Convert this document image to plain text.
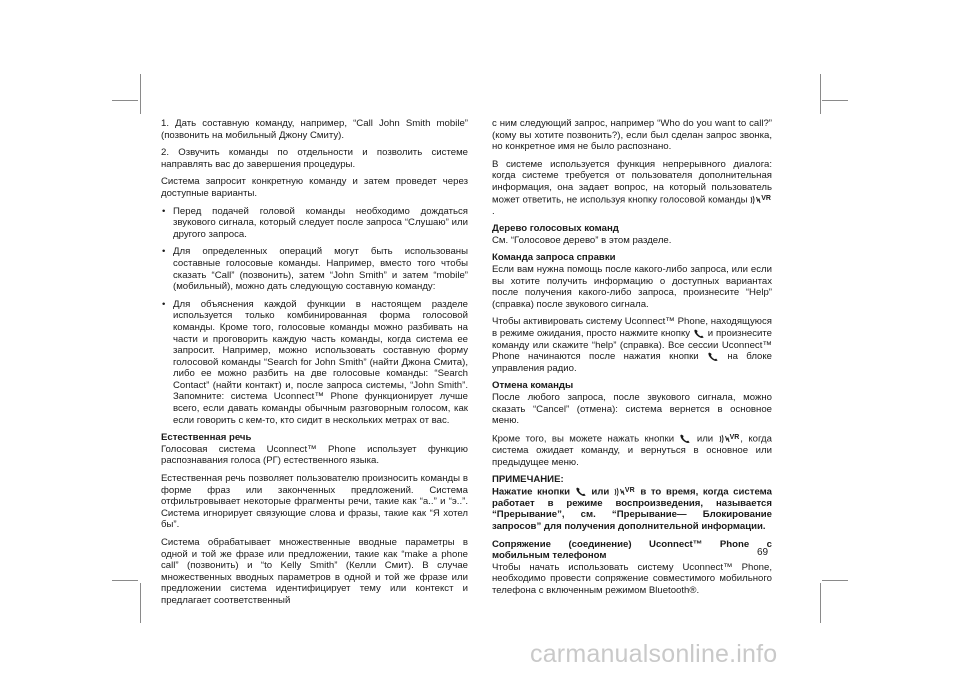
1. Дать составную команду, например, “Call John Smith mobile” (позвонить на мобильный Джону Смиту).

2. Озвучить команды по отдельности и позволить системе направлять вас до завершения процедуры.

Система запросит конкретную команду и затем проведет через доступные варианты.

• Перед подачей головой команды необходимо дождаться звукового сигнала, который следует после запроса “Слушаю” или другого запроса.
• Для определенных операций могут быть использованы составные голосовые команды. Например, вместо того чтобы сказать “Call” (позвонить), затем “John Smith” и затем “mobile” (мобильный), можно дать следующую составную команду:
• Для объяснения каждой функции в настоящем разделе используется только комбинированная форма голосовой команды. Кроме того, голосовые команды можно разбивать на части и проговорить каждую часть команды, когда система ее запросит. Например, можно использовать составную форму голосовой команды “Search for John Smith” (найти Джона Смита), либо ее можно разбить на две голосовые команды: “Search Contact” (найти контакт) и, после запроса системы, “John Smith”. Запомните: система Uconnect™ Phone функционирует лучше всего, если давать команды обычным разговорным голосом, как если говорить с кем-то, кто сидит в нескольких метрах от вас.
Естественная речь

Голосовая система Uconnect™ Phone использует функцию распознавания голоса (РГ) естественного языка.

Естественная речь позволяет пользователю произносить команды в форме фраз или законченных предложений. Система отфильтровывает некоторые фрагменты речи, такие как “а..” и “э..”. Система игнорирует связующие слова и фразы, такие как “Я хотел бы”.

Система обрабатывает множественные вводные параметры в одной и той же фразе или предложении, такие как “make a phone call” (позвонить) и “to Kelly Smith” (Келли Смит). В случае множественных вводных параметров в одной и той же фразе или предложении система идентифицирует тему или контекст и предлагает соответственный

с ним следующий запрос, например “Who do you want to call?” (кому вы хотите позвонить?), если был сделан запрос звонка, но конкретное имя не было распознано.

В системе используется функция непрерывного диалога: когда системе требуется от пользователя дополнительная информация, она задает вопрос, на который пользователь может ответить, не используя кнопку голосовой команды VR
.

Дерево голосовых команд

См. “Голосовое дерево” в этом разделе.

Команда запроса справки

Если вам нужна помощь после какого-либо запроса, или если вы хотите получить информацию о доступных вариантах после получения какого-либо запроса, произнесите “Help” (справка) после звукового сигнала.

Чтобы активировать систему Uconnect™ Phone, находящуюся в режиме ожидания, просто нажмите кнопку и произнесите команду или скажите “help” (справка). Все сессии Uconnect™ Phone начинаются после нажатия кнопки	на блоке управления радио.

Отмена команды

После любого запроса, после звукового сигнала, можно сказать “Cancel” (отмена): система вернется в основное меню.

Кроме того, вы можете нажать кнопки или VR , когда система ожидает команду, и вернуться в основное или предыдущее меню.

ПРИМЕЧАНИЕ:

Нажатие кнопки или VR в то время, когда система работает в режиме воспроизведения, называется “Прерывание”, см. “Прерывание— Блокирование запросов” для получения дополнительной информации.

Сопряжение (соединение) Uconnect™ Phone с мобильным телефоном

Чтобы начать использовать систему Uconnect™ Phone, необходимо провести сопряжение совместимого мобильного телефона с включенным режимом Bluetooth®.

69
carmanualsonline.info
